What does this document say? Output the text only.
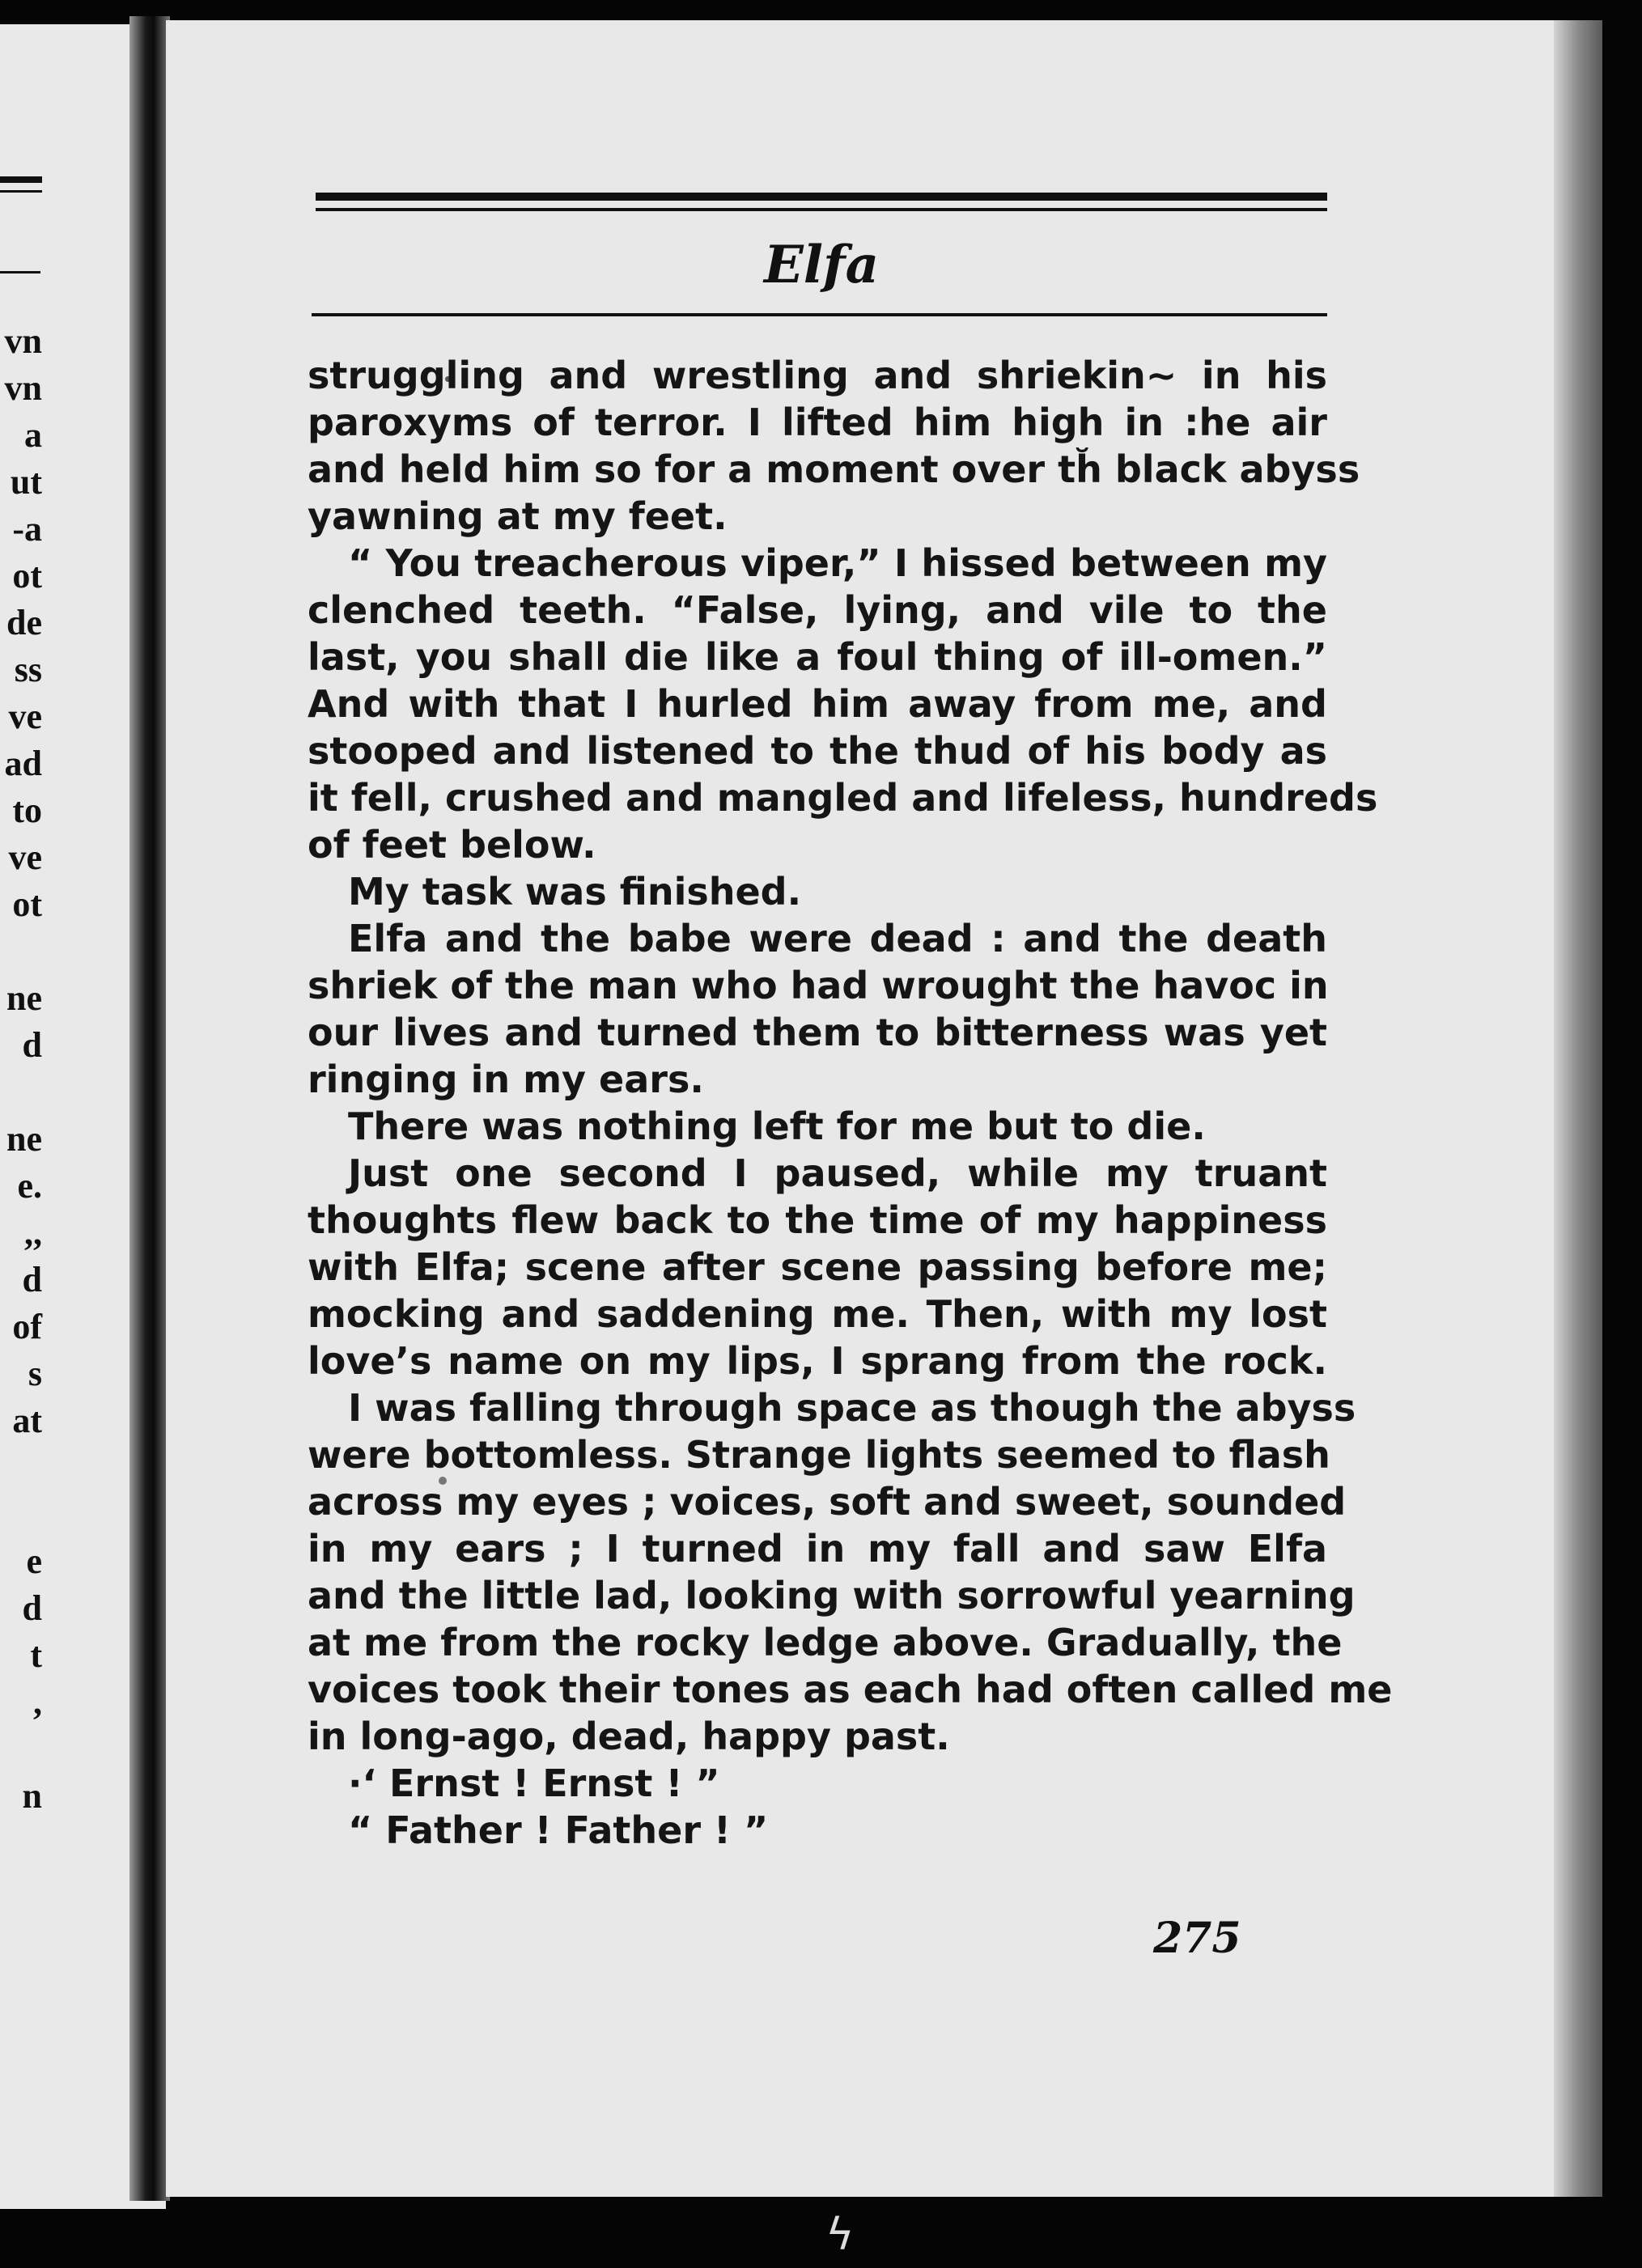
vn
vn
a
ut
-a
ot
de
ss
ve
ad
to
ve
ot
ne
d
ne
e.
,,
d
of
s
at
e
d
t
,
n
Elfa
struggling and wrestling and shriekin~ in his
paroxyms of terror. I lifted him high in :he air
and held him so for a moment over th̆ black abyss
yawning at my feet.
“ You treacherous viper,” I hissed between my
clenched teeth. “False, lying, and vile to the
last, you shall die like a foul thing of ill-omen.”
And with that I hurled him away from me, and
stooped and listened to the thud of his body as
it fell, crushed and mangled and lifeless, hundreds
of feet below.
My task was finished.
Elfa and the babe were dead : and the death
shriek of the man who had wrought the havoc in
our lives and turned them to bitterness was yet
ringing in my ears.
There was nothing left for me but to die.
Just one second I paused, while my truant
thoughts flew back to the time of my happiness
with Elfa; scene after scene passing before me;
mocking and saddening me. Then, with my lost
love’s name on my lips, I sprang from the rock.
I was falling through space as though the abyss
were bottomless. Strange lights seemed to flash
across my eyes ; voices, soft and sweet, sounded
in my ears ; I turned in my fall and saw Elfa
and the little lad, looking with sorrowful yearning
at me from the rocky ledge above. Gradually, the
voices took their tones as each had often called me
in long-ago, dead, happy past.
·‘ Ernst ! Ernst ! ”
“ Father ! Father ! ”
275
ϟ
